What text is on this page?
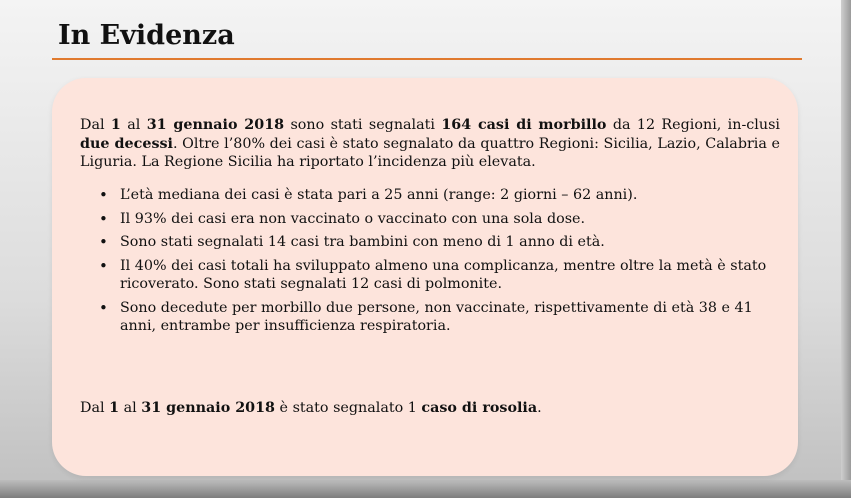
In Evidenza

Dal 1 al 31 gennaio 2018 sono stati segnalati 164 casi di morbillo da 12 Regioni, in-clusi due decessi. Oltre l’80% dei casi è stato segnalato da quattro Regioni: Sicilia, Lazio, Calabria e Liguria. La Regione Sicilia ha riportato l’incidenza più elevata.

• L’età mediana dei casi è stata pari a 25 anni (range: 2 giorni – 62 anni).
• Il 93% dei casi era non vaccinato o vaccinato con una sola dose.
• Sono stati segnalati 14 casi tra bambini con meno di 1 anno di età.
• Il 40% dei casi totali ha sviluppato almeno una complicanza, mentre oltre la metà è stato ricoverato. Sono stati segnalati 12 casi di polmonite.
• Sono decedute per morbillo due persone, non vaccinate, rispettivamente di età 38 e 41 anni, entrambe per insufficienza respiratoria.

Dal 1 al 31 gennaio 2018 è stato segnalato 1 caso di rosolia.
